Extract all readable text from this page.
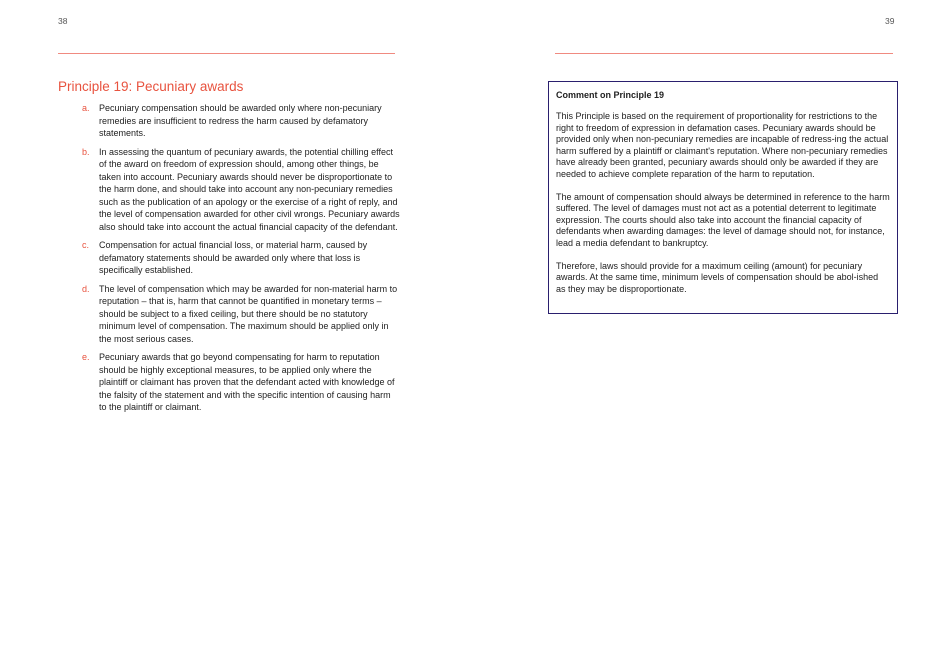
38	39
Principle 19: Pecuniary awards
a. Pecuniary compensation should be awarded only where non-pecuniary remedies are insufficient to redress the harm caused by defamatory statements.
b. In assessing the quantum of pecuniary awards, the potential chilling effect of the award on freedom of expression should, among other things, be taken into account. Pecuniary awards should never be disproportionate to the harm done, and should take into account any non-pecuniary remedies such as the publication of an apology or the exercise of a right of reply, and the level of compensation awarded for other civil wrongs. Pecuniary awards also should take into account the actual financial capacity of the defendant.
c. Compensation for actual financial loss, or material harm, caused by defamatory statements should be awarded only where that loss is specifically established.
d. The level of compensation which may be awarded for non-material harm to reputation – that is, harm that cannot be quantified in monetary terms – should be subject to a fixed ceiling, but there should be no statutory minimum level of compensation. The maximum should be applied only in the most serious cases.
e. Pecuniary awards that go beyond compensating for harm to reputation should be highly exceptional measures, to be applied only where the plaintiff or claimant has proven that the defendant acted with knowledge of the falsity of the statement and with the specific intention of causing harm to the plaintiff or claimant.
Comment on Principle 19

This Principle is based on the requirement of proportionality for restrictions to the right to freedom of expression in defamation cases. Pecuniary awards should be provided only when non-pecuniary remedies are incapable of redress-ing the actual harm suffered by a plaintiff or claimant's reputation. Where non-pecuniary remedies have already been granted, pecuniary awards should only be awarded if they are needed to achieve complete reparation of the harm to reputation.

The amount of compensation should always be determined in reference to the harm suffered. The level of damages must not act as a potential deterrent to legitimate expression. The courts should also take into account the financial capacity of defendants when awarding damages: the level of damage should not, for instance, lead a media defendant to bankruptcy.

Therefore, laws should provide for a maximum ceiling (amount) for pecuniary awards. At the same time, minimum levels of compensation should be abol-ished as they may be disproportionate.
